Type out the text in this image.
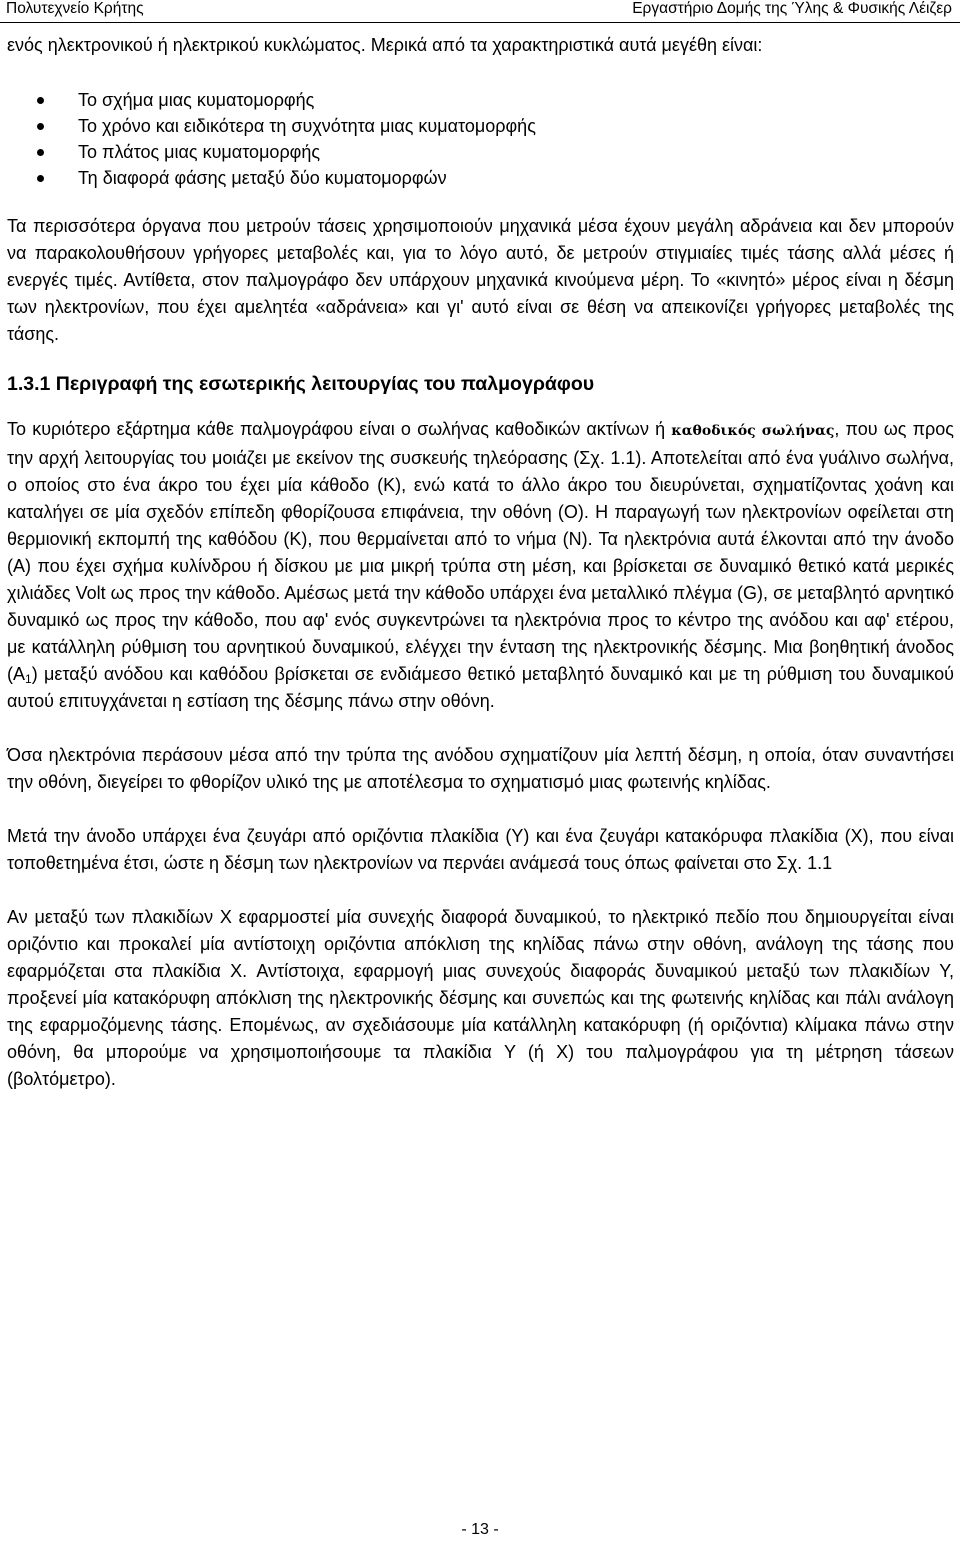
Πολυτεχνείο Κρήτης	Εργαστήριο Δομής της Ύλης & Φυσικής Λέιζερ

ενός ηλεκτρονικού ή ηλεκτρικού κυκλώματος. Μερικά από τα χαρακτηριστικά αυτά μεγέθη είναι:

Το σχήμα μιας κυματομορφής
Το χρόνο και ειδικότερα τη συχνότητα μιας κυματομορφής
Το πλάτος μιας κυματομορφής
Τη διαφορά φάσης μεταξύ δύο κυματομορφών

Τα περισσότερα όργανα που μετρούν τάσεις χρησιμοποιούν μηχανικά μέσα έχουν μεγάλη αδράνεια και δεν μπορούν να παρακολουθήσουν γρήγορες μεταβολές και, για το λόγο αυτό, δε μετρούν στιγμιαίες τιμές τάσης αλλά μέσες ή ενεργές τιμές. Αντίθετα, στον παλμογράφο δεν υπάρχουν μηχανικά κινούμενα μέρη. Το «κινητό» μέρος είναι η δέσμη των ηλεκτρονίων, που έχει αμελητέα «αδράνεια» και γι' αυτό είναι σε θέση να απεικονίζει γρήγορες μεταβολές της τάσης.

1.3.1 Περιγραφή της εσωτερικής λειτουργίας του παλμογράφου

Το κυριότερο εξάρτημα κάθε παλμογράφου είναι ο σωλήνας καθοδικών ακτίνων ή καθοδικός σωλήνας, που ως προς την αρχή λειτουργίας του μοιάζει με εκείνον της συσκευής τηλεόρασης (Σχ. 1.1). Αποτελείται από ένα γυάλινο σωλήνα, ο οποίος στο ένα άκρο του έχει μία κάθοδο (K), ενώ κατά το άλλο άκρο του διευρύνεται, σχηματίζοντας χοάνη και καταλήγει σε μία σχεδόν επίπεδη φθορίζουσα επιφάνεια, την οθόνη (O). Η παραγωγή των ηλεκτρονίων οφείλεται στη θερμιονική εκπομπή της καθόδου (K), που θερμαίνεται από το νήμα (N). Τα ηλεκτρόνια αυτά έλκονται από την άνοδο (A) που έχει σχήμα κυλίνδρου ή δίσκου με μια μικρή τρύπα στη μέση, και βρίσκεται σε δυναμικό θετικό κατά μερικές χιλιάδες Volt ως προς την κάθοδο. Αμέσως μετά την κάθοδο υπάρχει ένα μεταλλικό πλέγμα (G), σε μεταβλητό αρνητικό δυναμικό ως προς την κάθοδο, που αφ' ενός συγκεντρώνει τα ηλεκτρόνια προς το κέντρο της ανόδου και αφ' ετέρου, με κατάλληλη ρύθμιση του αρνητικού δυναμικού, ελέγχει την ένταση της ηλεκτρονικής δέσμης. Μια βοηθητική άνοδος $(A_1)$ μεταξύ ανόδου και καθόδου βρίσκεται σε ενδιάμεσο θετικό μεταβλητό δυναμικό και με τη ρύθμιση του δυναμικού αυτού επιτυγχάνεται η εστίαση της δέσμης πάνω στην οθόνη.

Όσα ηλεκτρόνια περάσουν μέσα από την τρύπα της ανόδου σχηματίζουν μία λεπτή δέσμη, η οποία, όταν συναντήσει την οθόνη, διεγείρει το φθορίζον υλικό της με αποτέλεσμα το σχηματισμό μιας φωτεινής κηλίδας.

Μετά την άνοδο υπάρχει ένα ζευγάρι από οριζόντια πλακίδια (Y) και ένα ζευγάρι κατακόρυφα πλακίδια (X), που είναι τοποθετημένα έτσι, ώστε η δέσμη των ηλεκτρονίων να περνάει ανάμεσά τους όπως φαίνεται στο Σχ. 1.1

Αν μεταξύ των πλακιδίων X εφαρμοστεί μία συνεχής διαφορά δυναμικού, το ηλεκτρικό πεδίο που δημιουργείται είναι οριζόντιο και προκαλεί μία αντίστοιχη οριζόντια απόκλιση της κηλίδας πάνω στην οθόνη, ανάλογη της τάσης που εφαρμόζεται στα πλακίδια X. Αντίστοιχα, εφαρμογή μιας συνεχούς διαφοράς δυναμικού μεταξύ των πλακιδίων Y, προξενεί μία κατακόρυφη απόκλιση της ηλεκτρονικής δέσμης και συνεπώς και της φωτεινής κηλίδας και πάλι ανάλογη της εφαρμοζόμενης τάσης. Επομένως, αν σχεδιάσουμε μία κατάλληλη κατακόρυφη (ή οριζόντια) κλίμακα πάνω στην οθόνη, θα μπορούμε να χρησιμοποιήσουμε τα πλακίδια Y (ή X) του παλμογράφου για τη μέτρηση τάσεων (βολτόμετρο).

- 13 -
